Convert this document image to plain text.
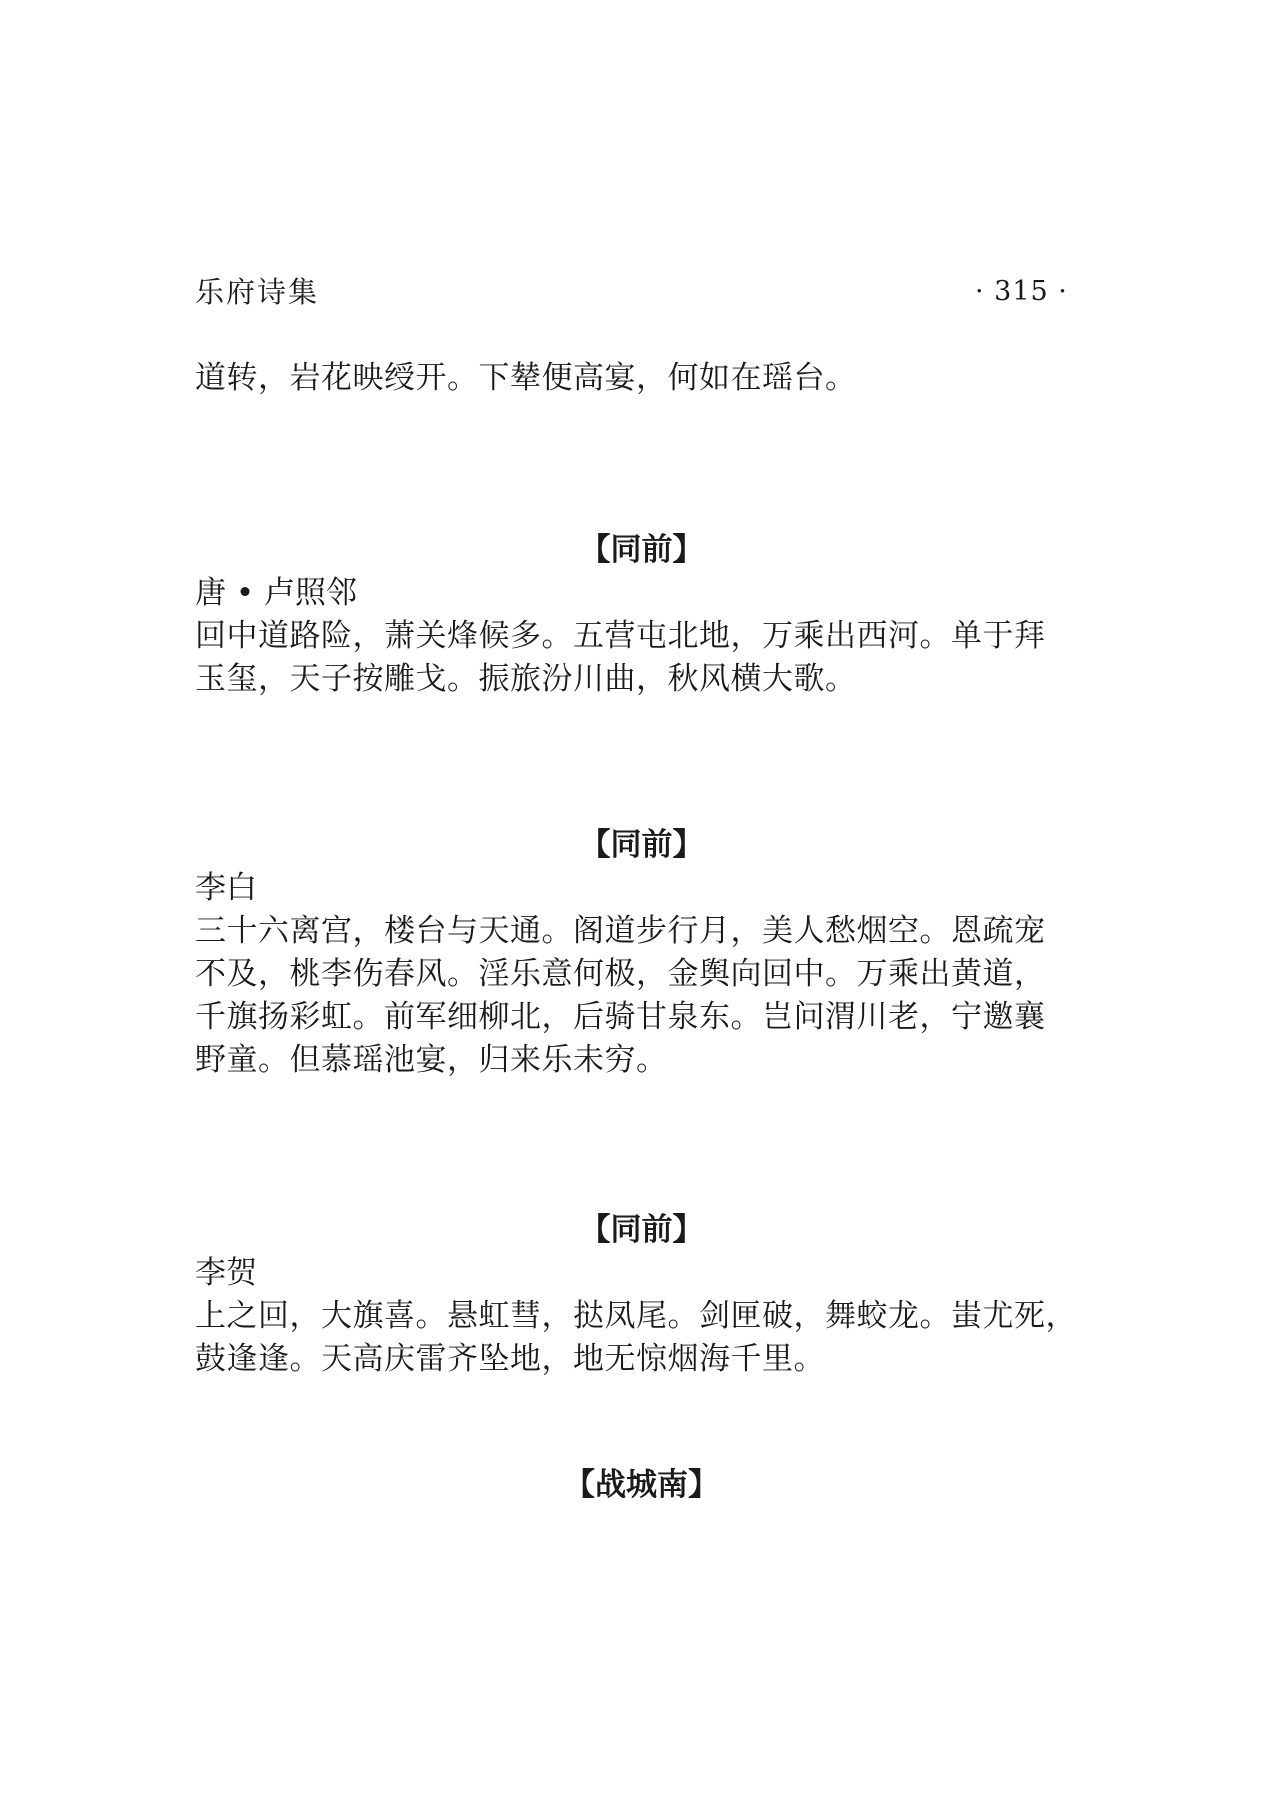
乐府诗集	· 315 ·
道转，岩花映绶开。下辇便高宴，何如在瑶台。
【同前】
唐 • 卢照邻
回中道路险，萧关烽候多。五营屯北地，万乘出西河。单于拜
玉玺，天子按雕戈。振旅汾川曲，秋风横大歌。
【同前】
李白
三十六离宫，楼台与天通。阁道步行月，美人愁烟空。恩疏宠
不及，桃李伤春风。淫乐意何极，金舆向回中。万乘出黄道，
千旗扬彩虹。前军细柳北，后骑甘泉东。岂问渭川老，宁邀襄
野童。但慕瑶池宴，归来乐未穷。
【同前】
李贺
上之回，大旗喜。悬虹彗，挞凤尾。剑匣破，舞蛟龙。蚩尤死，
鼓逢逢。天高庆雷齐坠地，地无惊烟海千里。
【战城南】
